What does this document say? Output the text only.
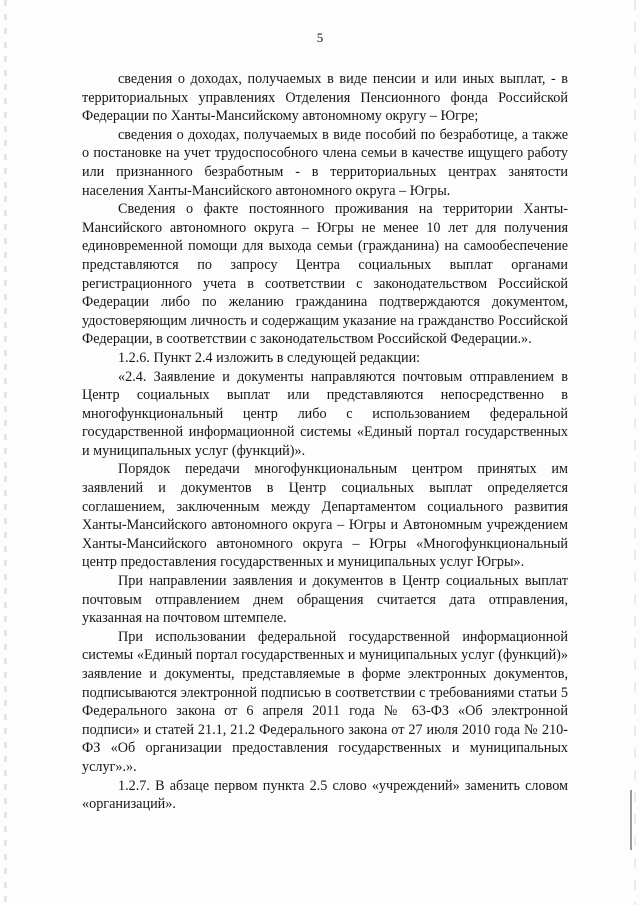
5

сведения о доходах, получаемых в виде пенсии и или иных выплат, - в территориальных управлениях Отделения Пенсионного фонда Российской Федерации по Ханты-Мансийскому автономному округу – Югре;

сведения о доходах, получаемых в виде пособий по безработице, а также о постановке на учет трудоспособного члена семьи в качестве ищущего работу или признанного безработным - в территориальных центрах занятости населения Ханты-Мансийского автономного округа – Югры.

Сведения о факте постоянного проживания на территории Ханты-Мансийского автономного округа – Югры не менее 10 лет для получения единовременной помощи для выхода семьи (гражданина) на самообеспечение представляются по запросу Центра социальных выплат органами регистрационного учета в соответствии с законодательством Российской Федерации либо по желанию гражданина подтверждаются документом, удостоверяющим личность и содержащим указание на гражданство Российской Федерации, в соответствии с законодательством Российской Федерации.».

1.2.6. Пункт 2.4 изложить в следующей редакции:

«2.4. Заявление и документы направляются почтовым отправлением в Центр социальных выплат или представляются непосредственно в многофункциональный центр либо с использованием федеральной государственной информационной системы «Единый портал государственных и муниципальных услуг (функций)».

Порядок передачи многофункциональным центром принятых им заявлений и документов в Центр социальных выплат определяется соглашением, заключенным между Департаментом социального развития Ханты-Мансийского автономного округа – Югры и Автономным учреждением Ханты-Мансийского автономного округа – Югры «Многофункциональный центр предоставления государственных и муниципальных услуг Югры».

При направлении заявления и документов в Центр социальных выплат почтовым отправлением днем обращения считается дата отправления, указанная на почтовом штемпеле.

При использовании федеральной государственной информационной системы «Единый портал государственных и муниципальных услуг (функций)» заявление и документы, представляемые в форме электронных документов, подписываются электронной подписью в соответствии с требованиями статьи 5 Федерального закона от 6 апреля 2011 года № 63-ФЗ «Об электронной подписи» и статей 21.1, 21.2 Федерального закона от 27 июля 2010 года № 210-ФЗ «Об организации предоставления государственных и муниципальных услуг».».

1.2.7. В абзаце первом пункта 2.5 слово «учреждений» заменить словом «организаций».
